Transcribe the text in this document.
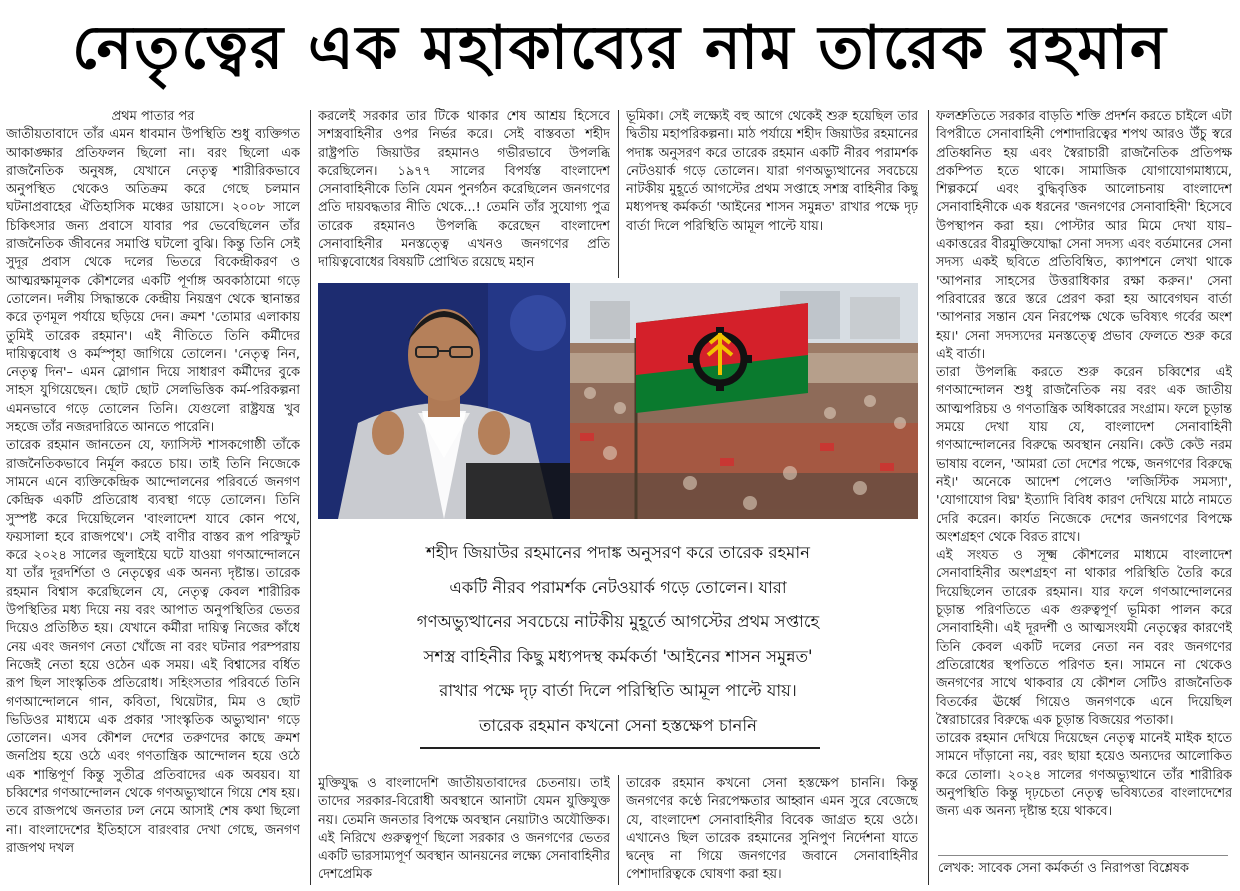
নেতৃত্বের এক মহাকাব্যের নাম তারেক রহমান

প্রথম পাতার পর

জাতীয়তাবাদে তাঁর এমন ধাবমান উপস্থিতি শুধু ব্যক্তিগত আকাঙ্ক্ষার প্রতিফলন ছিলো না। বরং ছিলো এক রাজনৈতিক অনুষঙ্গ, যেখানে নেতৃত্ব শারীরিকভাবে অনুপস্থিত থেকেও অতিক্রম করে গেছে চলমান ঘটনাপ্রবাহের ঐতিহাসিক মঞ্চের ডায়াসে। ২০০৮ সালে চিকিৎসার জন্য প্রবাসে যাবার পর ভেবেছিলেন তাঁর রাজনৈতিক জীবনের সমাপ্তি ঘটলো বুঝি। কিন্তু তিনি সেই সুদূর প্রবাস থেকে দলের ভিতরে বিকেন্দ্রীকরণ ও আত্মরক্ষামূলক কৌশলের একটি পূর্ণাঙ্গ অবকাঠামো গড়ে তোলেন। দলীয় সিদ্ধান্তকে কেন্দ্রীয় নিয়ন্ত্রণ থেকে স্থানান্তর করে তৃণমূল পর্যায়ে ছড়িয়ে দেন। ক্রমশ 'তোমার এলাকায় তুমিই তারেক রহমান'। এই নীতিতে তিনি কর্মীদের দায়িত্ববোধ ও কর্মস্পৃহা জাগিয়ে তোলেন। 'নেতৃত্ব নিন, নেতৃত্ব দিন'– এমন স্লোগান দিয়ে সাধারণ কর্মীদের বুকে সাহস যুগিয়েছেন। ছোট ছোট সেলভিত্তিক কর্ম-পরিকল্পনা এমনভাবে গড়ে তোলেন তিনি। যেগুলো রাষ্ট্রযন্ত্র খুব সহজে তাঁর নজরদারিতে আনতে পারেনি।

তারেক রহমান জানতেন যে, ফ্যাসিস্ট শাসকগোষ্ঠী তাঁকে রাজনৈতিকভাবে নির্মূল করতে চায়। তাই তিনি নিজেকে সামনে এনে ব্যক্তিকেন্দ্রিক আন্দোলনের পরিবর্তে জনগণ কেন্দ্রিক একটি প্রতিরোধ ব্যবস্থা গড়ে তোলেন। তিনি সুস্পষ্ট করে দিয়েছিলেন 'বাংলাদেশ যাবে কোন পথে, ফয়সালা হবে রাজপথে'। সেই বাণীর বাস্তব রূপ পরিস্ফুট করে ২০২৪ সালের জুলাইয়ে ঘটে যাওয়া গণআন্দোলনে যা তাঁর দূরদর্শিতা ও নেতৃত্বের এক অনন্য দৃষ্টান্ত। তারেক রহমান বিশ্বাস করেছিলেন যে, নেতৃত্ব কেবল শারীরিক উপস্থিতির মধ্য দিয়ে নয় বরং আপাত অনুপস্থিতির ভেতর দিয়েও প্রতিষ্ঠিত হয়। যেখানে কর্মীরা দায়িত্ব নিজের কাঁধে নেয় এবং জনগণ নেতা খোঁজে না বরং ঘটনার পরম্পরায় নিজেই নেতা হয়ে ওঠেন এক সময়। এই বিশ্বাসের বর্ধিত রূপ ছিল সাংস্কৃতিক প্রতিরোধ। সহিংসতার পরিবর্তে তিনি গণআন্দোলনে গান, কবিতা, থিয়েটার, মিম ও ছোট ভিডিওর মাধ্যমে এক প্রকার 'সাংস্কৃতিক অভ্যুত্থান' গড়ে তোলেন। এসব কৌশল দেশের তরুণদের কাছে ক্রমশ জনপ্রিয় হয়ে ওঠে এবং গণতান্ত্রিক আন্দোলন হয়ে ওঠে এক শান্তিপূর্ণ কিন্তু সুতীব্র প্রতিবাদের এক অবয়ব। যা চব্বিশের গণআন্দোলন থেকে গণঅভ্যুত্থানে গিয়ে শেষ হয়। তবে রাজপথে জনতার ঢল নেমে আসাই শেষ কথা ছিলো না। বাংলাদেশের ইতিহাসে বারংবার দেখা গেছে, জনগণ রাজপথ দখল

করলেই সরকার তার টিকে থাকার শেষ আশ্রয় হিসেবে সশস্ত্রবাহিনীর ওপর নির্ভর করে। সেই বাস্তবতা শহীদ রাষ্ট্রপতি জিয়াউর রহমানও গভীরভাবে উপলব্ধি করেছিলেন। ১৯৭৭ সালের বিপর্যস্ত বাংলাদেশ সেনাবাহিনীকে তিনি যেমন পুনর্গঠন করেছিলেন জনগণের প্রতি দায়বদ্ধতার নীতি থেকে...! তেমনি তাঁর সুযোগ্য পুত্র তারেক রহমানও উপলব্ধি করেছেন বাংলাদেশ সেনাবাহিনীর মনস্তত্ত্বে এখনও জনগণের প্রতি দায়িত্ববোধের বিষয়টি প্রোথিত রয়েছে মহান

ভূমিকা। সেই লক্ষ্যেই বহু আগে থেকেই শুরু হয়েছিল তার দ্বিতীয় মহাপরিকল্পনা। মাঠ পর্যায়ে শহীদ জিয়াউর রহমানের পদাঙ্ক অনুসরণ করে তারেক রহমান একটি নীরব পরামর্শক নেটওয়ার্ক গড়ে তোলেন। যারা গণঅভ্যুত্থানের সবচেয়ে নাটকীয় মুহূর্তে আগস্টের প্রথম সপ্তাহে সশস্ত্র বাহিনীর কিছু মধ্যপদস্থ কর্মকর্তা 'আইনের শাসন সমুন্নত' রাখার পক্ষে দৃঢ় বার্তা দিলে পরিস্থিতি আমূল পাল্টে যায়।

ফলশ্রুতিতে সরকার বাড়তি শক্তি প্রদর্শন করতে চাইলে এটা বিপরীতে সেনাবাহিনী পেশাদারিত্বের শপথ আরও উঁচু স্বরে প্রতিধ্বনিত হয় এবং স্বৈরাচারী রাজনৈতিক প্রতিপক্ষ প্রকম্পিত হতে থাকে। সামাজিক যোগাযোগমাধ্যমে, শিল্পকর্মে এবং বুদ্ধিবৃত্তিক আলোচনায় বাংলাদেশ সেনাবাহিনীকে এক ধরনের 'জনগণের সেনাবাহিনী' হিসেবে উপস্থাপন করা হয়। পোস্টার আর মিমে দেখা যায়–একাত্তরের বীরমুক্তিযোদ্ধা সেনা সদস্য এবং বর্তমানের সেনা সদস্য একই ছবিতে প্রতিবিম্বিত, ক্যাপশনে লেখা থাকে 'আপনার সাহসের উত্তরাধিকার রক্ষা করুন।' সেনা পরিবারের স্তরে স্তরে প্রেরণ করা হয় আবেগঘন বার্তা 'আপনার সন্তান যেন নিরপেক্ষ থেকে ভবিষ্যৎ গর্বের অংশ হয়।' সেনা সদস্যদের মনস্তত্ত্বে প্রভাব ফেলতে শুরু করে এই বার্তা।

তারা উপলব্ধি করতে শুরু করেন চব্বিশের এই গণআন্দোলন শুধু রাজনৈতিক নয় বরং এক জাতীয় আত্মপরিচয় ও গণতান্ত্রিক অধিকারের সংগ্রাম। ফলে চূড়ান্ত সময়ে দেখা যায় যে, বাংলাদেশ সেনাবাহিনী গণআন্দোলনের বিরুদ্ধে অবস্থান নেয়নি। কেউ কেউ নরম ভাষায় বলেন, 'আমরা তো দেশের পক্ষে, জনগণের বিরুদ্ধে নই।' অনেকে আদেশ পেলেও 'লজিস্টিক সমস্যা', 'যোগাযোগ বিঘ্ন' ইত্যাদি বিবিধ কারণ দেখিয়ে মাঠে নামতে দেরি করেন। কার্যত নিজেকে দেশের জনগণের বিপক্ষে অংশগ্রহণ থেকে বিরত রাখে।

এই সংযত ও সূক্ষ্ম কৌশলের মাধ্যমে বাংলাদেশ সেনাবাহিনীর অংশগ্রহণ না থাকার পরিস্থিতি তৈরি করে দিয়েছিলেন তারেক রহমান। যার ফলে গণআন্দোলনের চূড়ান্ত পরিণতিতে এক গুরুত্বপূর্ণ ভূমিকা পালন করে সেনাবাহিনী। এই দূরদর্শী ও আত্মসংযমী নেতৃত্বের কারণেই তিনি কেবল একটি দলের নেতা নন বরং জনগণের প্রতিরোধের স্থপতিতে পরিণত হন। সামনে না থেকেও জনগণের সাথে থাকবার যে কৌশল সেটিও রাজনৈতিক বিতর্কের ঊর্ধ্বে গিয়েও জনগণকে এনে দিয়েছিল স্বৈরাচারের বিরুদ্ধে এক চূড়ান্ত বিজয়ের পতাকা।

তারেক রহমান দেখিয়ে দিয়েছেন নেতৃত্ব মানেই মাইক হাতে সামনে দাঁড়ানো নয়, বরং ছায়া হয়েও অন্যদের আলোকিত করে তোলা। ২০২৪ সালের গণঅভ্যুত্থানে তাঁর শারীরিক অনুপস্থিতি কিন্তু দৃঢ়চেতা নেতৃত্ব ভবিষ্যতের বাংলাদেশের জন্য এক অনন্য দৃষ্টান্ত হয়ে থাকবে।

লেখক: সাবেক সেনা কর্মকর্তা ও নিরাপত্তা বিশ্লেষক

শহীদ জিয়াউর রহমানের পদাঙ্ক অনুসরণ করে তারেক রহমান

একটি নীরব পরামর্শক নেটওয়ার্ক গড়ে তোলেন। যারা

গণঅভ্যুত্থানের সবচেয়ে নাটকীয় মুহূর্তে আগস্টের প্রথম সপ্তাহে

সশস্ত্র বাহিনীর কিছু মধ্যপদস্থ কর্মকর্তা 'আইনের শাসন সমুন্নত'

রাখার পক্ষে দৃঢ় বার্তা দিলে পরিস্থিতি আমূল পাল্টে যায়।

তারেক রহমান কখনো সেনা হস্তক্ষেপ চাননি

মুক্তিযুদ্ধ ও বাংলাদেশি জাতীয়তাবাদের চেতনায়। তাই তাদের সরকার-বিরোধী অবস্থানে আনাটা যেমন যুক্তিযুক্ত নয়। তেমনি জনতার বিপক্ষে অবস্থান নেয়াটাও অযৌক্তিক। এই নিরিখে গুরুত্বপূর্ণ ছিলো সরকার ও জনগণের ভেতর একটি ভারসাম্যপূর্ণ অবস্থান আনয়নের লক্ষ্যে সেনাবাহিনীর দেশপ্রেমিক

তারেক রহমান কখনো সেনা হস্তক্ষেপ চাননি। কিন্তু জনগণের কণ্ঠে নিরপেক্ষতার আহ্বান এমন সুরে বেজেছে যে, বাংলাদেশ সেনাবাহিনীর বিবেক জাগ্রত হয়ে ওঠে। এখানেও ছিল তারেক রহমানের সুনিপুণ নির্দেশনা যাতে দ্বন্দ্বে না গিয়ে জনগণের জবানে সেনাবাহিনীর পেশাদারিত্বকে ঘোষণা করা হয়।
